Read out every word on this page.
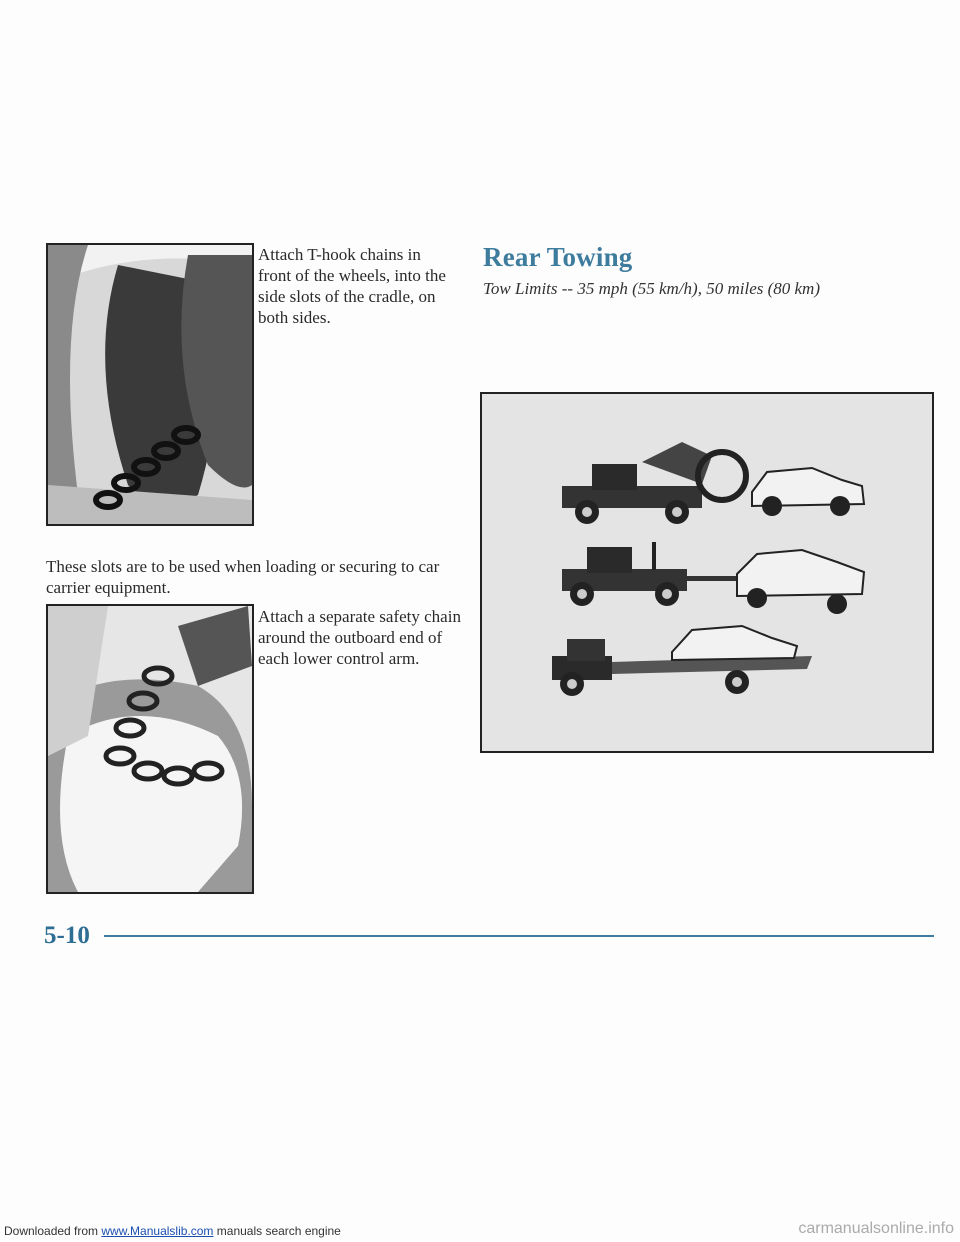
Attach T-hook chains in front of the wheels, into the side slots of the cradle, on both sides.
These slots are to be used when loading or securing to car carrier equipment.
Attach a separate safety chain around the outboard end of each lower control arm.
Rear Towing
Tow Limits -- 35 mph (55 km/h), 50 miles (80 km)
5-10
Downloaded from www.Manualslib.com manuals search engine	carmanualsonline.info
